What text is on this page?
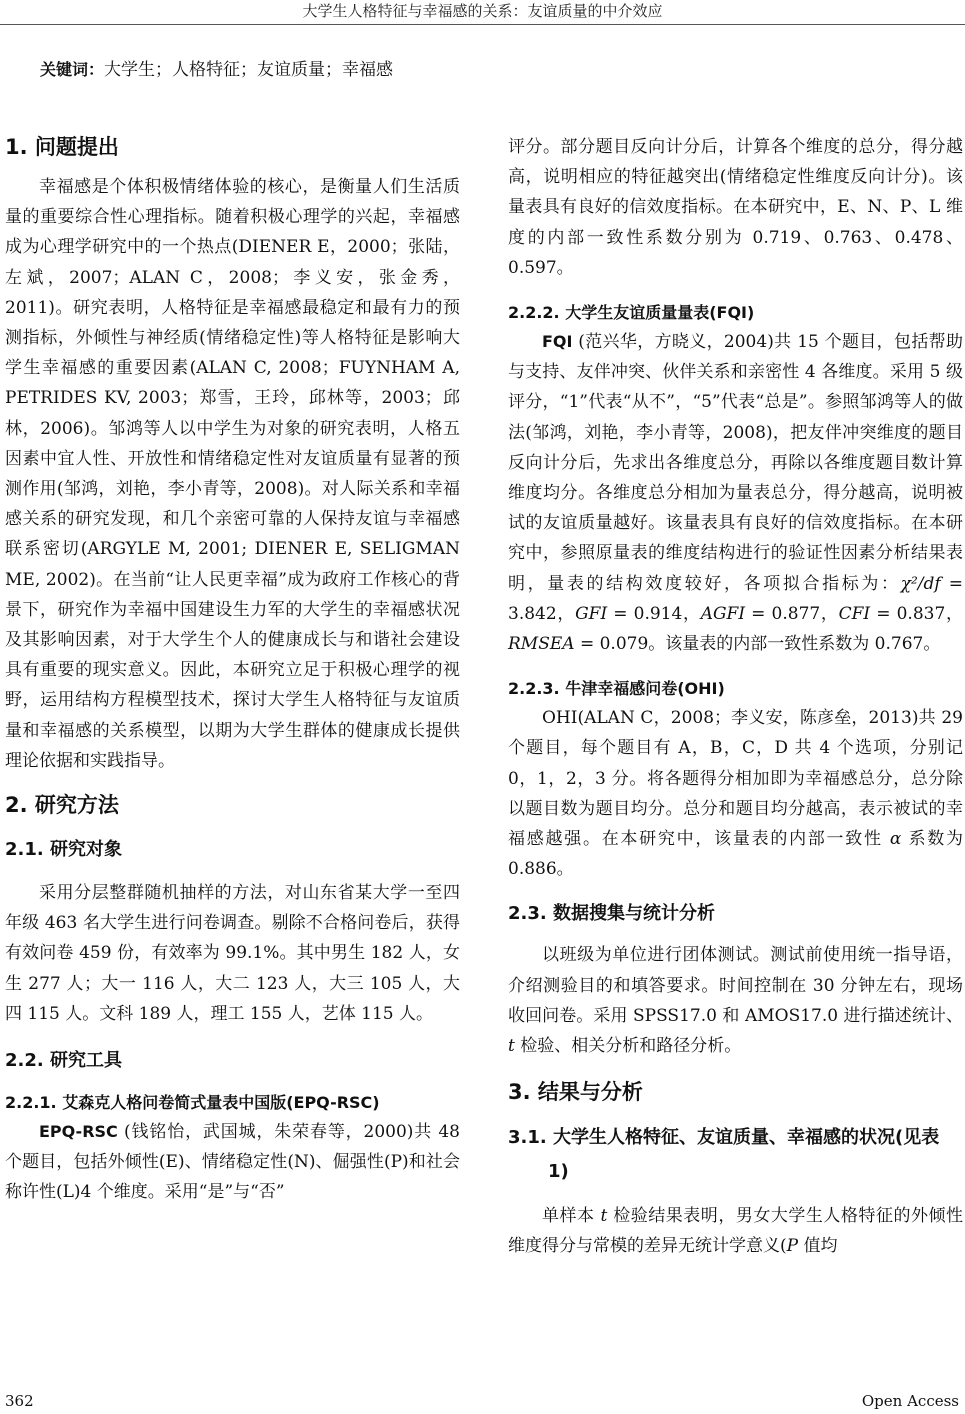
大学生人格特征与幸福感的关系：友谊质量的中介效应
关键词：大学生；人格特征；友谊质量；幸福感
1. 问题提出

幸福感是个体积极情绪体验的核心，是衡量人们生活质量的重要综合性心理指标。随着积极心理学的兴起，幸福感成为心理学研究中的一个热点(DIENER E，2000；张陆，左斌，2007；ALAN C，2008；李义安，张金秀，2011)。研究表明，人格特征是幸福感最稳定和最有力的预测指标，外倾性与神经质(情绪稳定性)等人格特征是影响大学生幸福感的重要因素(ALAN C, 2008；FUYNHAM A, PETRIDES KV, 2003；郑雪，王玲，邱林等，2003；邱林，2006)。邹鸿等人以中学生为对象的研究表明，人格五因素中宜人性、开放性和情绪稳定性对友谊质量有显著的预测作用(邹鸿，刘艳，李小青等，2008)。对人际关系和幸福感关系的研究发现，和几个亲密可靠的人保持友谊与幸福感联系密切(ARGYLE M, 2001; DIENER E, SELIGMAN ME, 2002)。在当前“让人民更幸福”成为政府工作核心的背景下，研究作为幸福中国建设生力军的大学生的幸福感状况及其影响因素，对于大学生个人的健康成长与和谐社会建设具有重要的现实意义。因此，本研究立足于积极心理学的视野，运用结构方程模型技术，探讨大学生人格特征与友谊质量和幸福感的关系模型，以期为大学生群体的健康成长提供理论依据和实践指导。

2. 研究方法
2.1. 研究对象

采用分层整群随机抽样的方法，对山东省某大学一至四年级 463 名大学生进行问卷调查。剔除不合格问卷后，获得有效问卷 459 份，有效率为 99.1%。其中男生 182 人，女生 277 人；大一 116 人，大二 123 人，大三 105 人，大四 115 人。文科 189 人，理工 155 人，艺体 115 人。

2.2. 研究工具
2.2.1. 艾森克人格问卷简式量表中国版(EPQ-RSC)

EPQ-RSC (钱铭怡，武国城，朱荣春等，2000)共 48 个题目，包括外倾性(E)、情绪稳定性(N)、倔强性(P)和社会称许性(L)4 个维度。采用“是”与“否”

评分。部分题目反向计分后，计算各个维度的总分，得分越高，说明相应的特征越突出(情绪稳定性维度反向计分)。该量表具有良好的信效度指标。在本研究中，E、N、P、L 维度的内部一致性系数分别为 0.719、0.763、0.478、0.597。

2.2.2. 大学生友谊质量量表(FQI)

FQI (范兴华，方晓义，2004)共 15 个题目，包括帮助与支持、友伴冲突、伙伴关系和亲密性 4 各维度。采用 5 级评分，“1”代表“从不”，“5”代表“总是”。参照邹鸿等人的做法(邹鸿，刘艳，李小青等，2008)，把友伴冲突维度的题目反向计分后，先求出各维度总分，再除以各维度题目数计算维度均分。各维度总分相加为量表总分，得分越高，说明被试的友谊质量越好。该量表具有良好的信效度指标。在本研究中，参照原量表的维度结构进行的验证性因素分析结果表明，量表的结构效度较好，各项拟合指标为：χ²/df = 3.842，GFI = 0.914，AGFI = 0.877，CFI = 0.837，RMSEA = 0.079。该量表的内部一致性系数为 0.767。

2.2.3. 牛津幸福感问卷(OHI)

OHI(ALAN C，2008；李义安，陈彦垒，2013)共 29 个题目，每个题目有 A，B，C，D 共 4 个选项，分别记 0，1，2，3 分。将各题得分相加即为幸福感总分，总分除以题目数为题目均分。总分和题目均分越高，表示被试的幸福感越强。在本研究中，该量表的内部一致性 α 系数为 0.886。

2.3. 数据搜集与统计分析

以班级为单位进行团体测试。测试前使用统一指导语，介绍测验目的和填答要求。时间控制在 30 分钟左右，现场收回问卷。采用 SPSS17.0 和 AMOS17.0 进行描述统计、t 检验、相关分析和路径分析。

3. 结果与分析
3.1. 大学生人格特征、友谊质量、幸福感的状况(见表 1)

单样本 t 检验结果表明，男女大学生人格特征的外倾性维度得分与常模的差异无统计学意义(P 值均

362	Open Access
